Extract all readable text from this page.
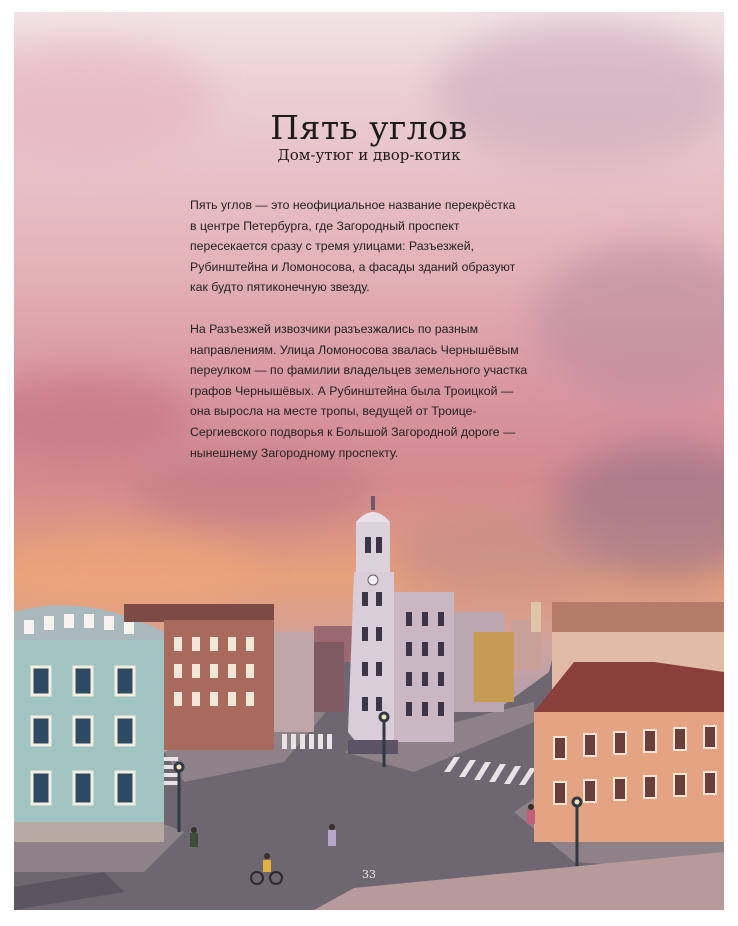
Пять углов
Дом-утюг и двор-котик

Пять углов — это неофициальное название перекрёстка
в центре Петербурга, где Загородный проспект
пересекается сразу с тремя улицами: Разъезжей,
Рубинштейна и Ломоносова, а фасады зданий образуют
как будто пятиконечную звезду.

На Разъезжей извозчики разъезжались по разным
направлениям. Улица Ломоносова звалась Чернышёвым
переулком — по фамилии владельцев земельного участка
графов Чернышёвых. А Рубинштейна была Троицкой —
она выросла на месте тропы, ведущей от Троице-
Сергиевского подворья к Большой Загородной дороге —
нынешнему Загородному проспекту.

33
